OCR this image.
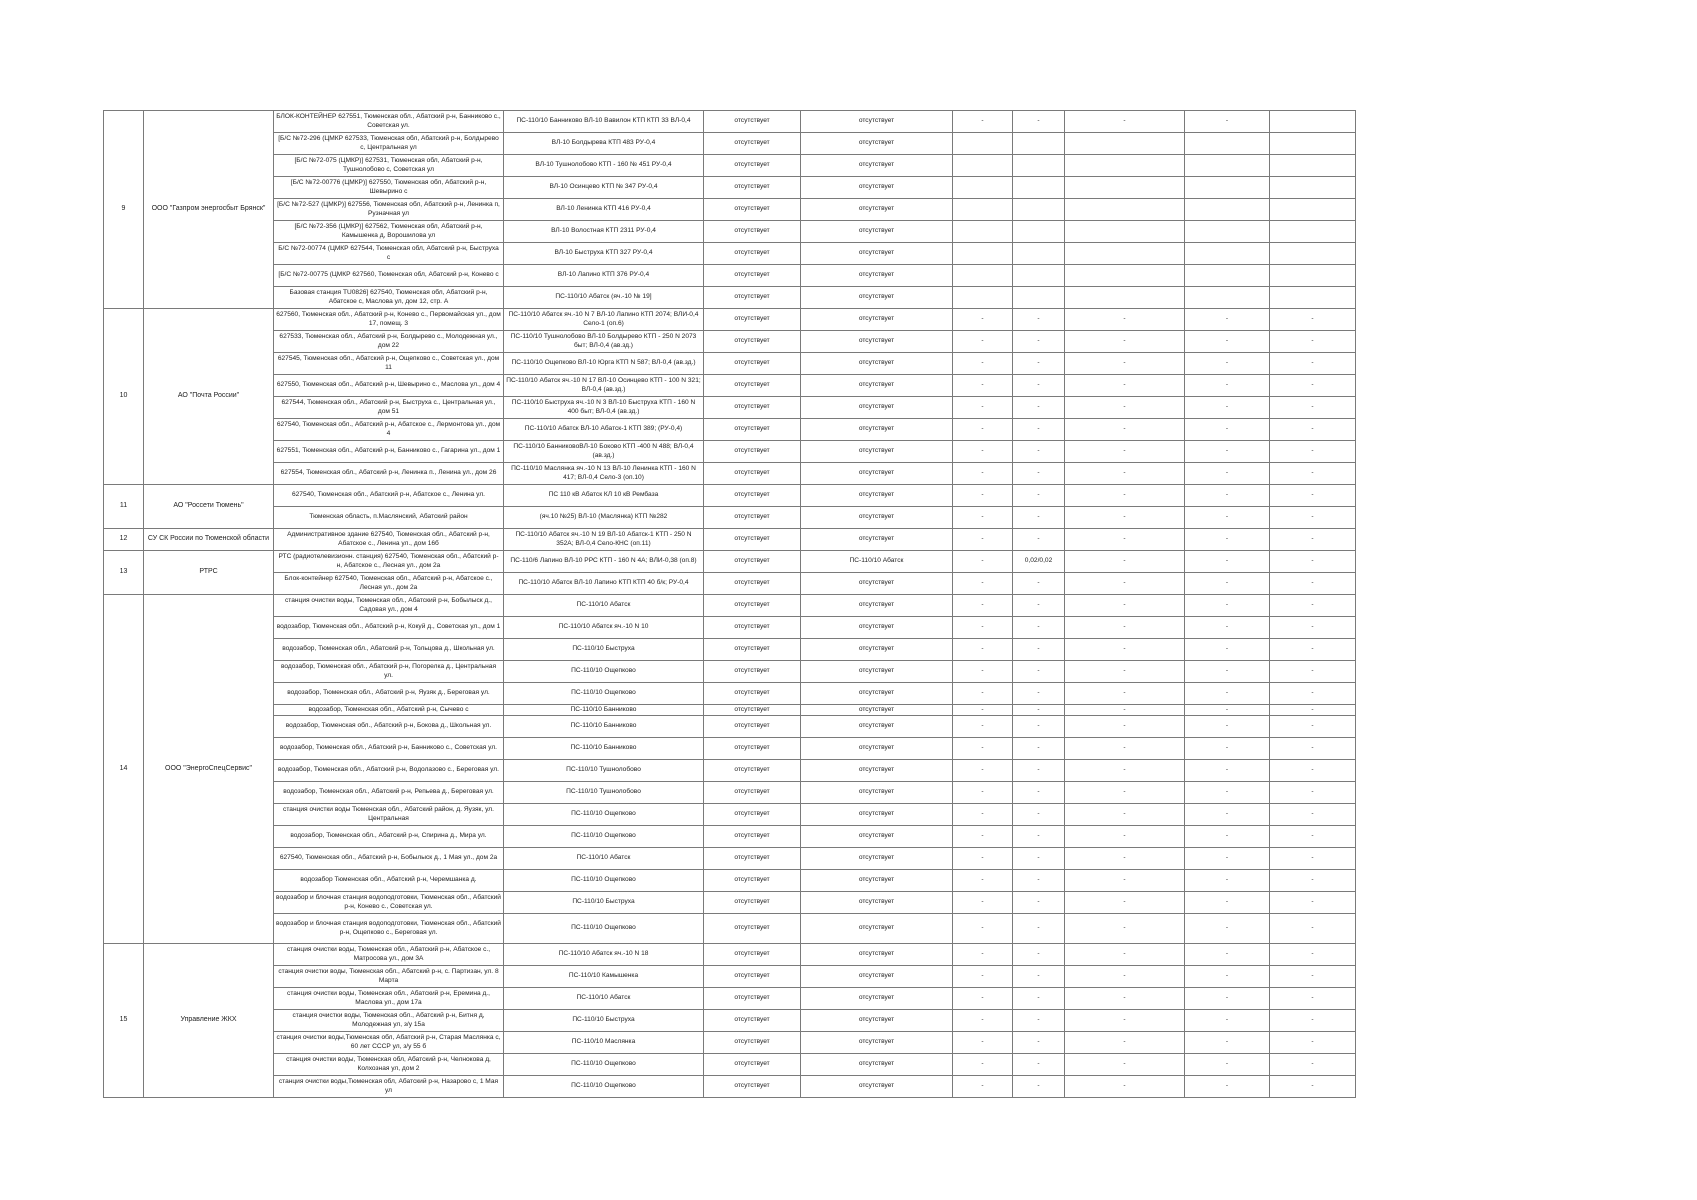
9	ООО "Газпром энергосбыт Брянск"	БЛОК-КОНТЕЙНЕР 627551, Тюменская обл., Абатский р-н, Банниково с., Советская ул.	ПС-110/10 Банниково ВЛ-10 Вавилон КТП КТП 33 ВЛ-0,4	отсутствует	отсутствует	-	-	-	-	
		[Б/С №72-296 (ЦМКР 627533, Тюменская обл, Абатский р-н, Болдырево с, Центральная ул	ВЛ-10 Болдырева КТП 483 РУ-0,4	отсутствует	отсутствует					
		[Б/С №72-075 (ЦМКР)] 627531, Тюменская обл, Абатский р-н, Тушнолобово с, Советская ул	ВЛ-10 Тушнолобово КТП - 160 № 451 РУ-0,4	отсутствует	отсутствует					
		[Б/С №72-00776 (ЦМКР)] 627550, Тюменская обл, Абатский р-н, Шевырино с	ВЛ-10 Осинцево КТП № 347 РУ-0,4	отсутствует	отсутствует					
		[Б/С №72-527 (ЦМКР)] 627556, Тюменская обл, Абатский р-н, Ленинка п, Рузначная ул	ВЛ-10 Ленинка КТП 416 РУ-0,4	отсутствует	отсутствует					
		[Б/С №72-356 (ЦМКР)] 627562, Тюменская обл, Абатский р-н, Камышенка д, Ворошилова ул	ВЛ-10 Волостная КТП 2311 РУ-0,4	отсутствует	отсутствует					
		Б/С №72-00774 (ЦМКР 627544, Тюменская обл, Абатский р-н, Быструха с	ВЛ-10 Быструха КТП 327 РУ-0,4	отсутствует	отсутствует					
		[Б/С №72-00775 (ЦМКР 627560, Тюменская обл, Абатский р-н, Конево с	ВЛ-10 Лапино КТП 376 РУ-0,4	отсутствует	отсутствует					
		Базовая станция TU0826] 627540, Тюменская обл, Абатский р-н, Абатское с, Маслова ул, дом 12, стр. А	ПС-110/10 Абатск (яч.-10 № 19]	отсутствует	отсутствует					
10	АО "Почта России"	627560, Тюменская обл., Абатский р-н, Конево с., Первомайская ул., дом 17, помещ. 3	ПС-110/10 Абатск яч.-10 N 7 ВЛ-10 Лапино КТП 2074; ВЛИ-0,4 Село-1 (оп.6)	отсутствует	отсутствует	-	-	-	-	-
		627533, Тюменская обл., Абатский р-н, Болдырево с., Молодежная ул., дом 22	ПС-110/10 Тушнолобово ВЛ-10 Болдырево КТП - 250 N 2073 быт; ВЛ-0,4 (ав.зд.)	отсутствует	отсутствует	-	-	-	-	-
		627545, Тюменская обл., Абатский р-н, Ощепково с., Советская ул., дом 11	ПС-110/10 Ощепково ВЛ-10 Юрга КТП N 587; ВЛ-0,4 (ав.зд.)	отсутствует	отсутствует	-	-	-	-	-
		627550, Тюменская обл., Абатский р-н, Шевырино с., Маслова ул., дом 4	ПС-110/10 Абатск яч.-10 N 17 ВЛ-10 Осинцево КТП - 100 N 321; ВЛ-0,4 (ав.зд.)	отсутствует	отсутствует	-	-	-	-	-
		627544, Тюменская обл., Абатский р-н, Быструха с., Центральная ул., дом 51	ПС-110/10 Быструха яч.-10 N 3 ВЛ-10 Быструха КТП - 160 N 400 быт; ВЛ-0,4 (ав.зд.)	отсутствует	отсутствует	-	-	-	-	-
		627540, Тюменская обл., Абатский р-н, Абатское с., Лермонтова ул., дом 4	ПС-110/10 Абатск ВЛ-10 Абатск-1 КТП 389; (РУ-0,4)	отсутствует	отсутствует	-	-	-	-	-
		627551, Тюменская обл., Абатский р-н, Банниково с., Гагарина ул., дом 1	ПС-110/10 БанниковоВЛ-10 Боково КТП -400 N 488; ВЛ-0,4 (ав.зд.)	отсутствует	отсутствует	-	-	-	-	-
		627554, Тюменская обл., Абатский р-н, Ленинка п., Ленина ул., дом 26	ПС-110/10 Маслянка яч.-10 N 13 ВЛ-10 Ленинка КТП - 160 N 417; ВЛ-0,4 Село-3 (оп.10)	отсутствует	отсутствует	-	-	-	-	-
11	АО "Россети Тюмень"	627540, Тюменская обл., Абатский р-н, Абатское с., Ленина ул.	ПС 110 кВ Абатск КЛ 10 кВ Рембаза	отсутствует	отсутствует	-	-	-	-	-
		Тюменская область, п.Маслянский, Абатский район	(яч.10 №25) ВЛ-10 (Маслянка) КТП №282	отсутствует	отсутствует	-	-	-	-	-
12	СУ СК России по Тюменской области	Административное здание 627540, Тюменская обл., Абатский р-н, Абатское с., Ленина ул., дом 16б	ПС-110/10 Абатск яч.-10 N 19 ВЛ-10 Абатск-1 КТП - 250 N 352А; ВЛ-0,4 Село-КНС (оп.11)	отсутствует	отсутствует	-	-	-	-	-
13	РТРС	РТС (радиотелевизионн. станция) 627540, Тюменская обл., Абатский р-н, Абатское с., Лесная ул., дом 2а	ПС-110/6 Лапино ВЛ-10 РРС КТП - 160 N 4А; ВЛИ-0,38 (оп.8)	отсутствует	ПС-110/10 Абатск	-	0,02/0,02	-	-	-
		Блок-контейнер 627540, Тюменская обл., Абатский р-н, Абатское с., Лесная ул., дом 2а	ПС-110/10 Абатск ВЛ-10 Лапино КТП КТП 40 б/к; РУ-0,4	отсутствует	отсутствует	-	-	-	-	-
14	ООО "ЭнергоСпецСервис"	станция очистки воды, Тюменская обл., Абатский р-н, Бобылыск д., Садовая ул., дом 4	ПС-110/10 Абатск	отсутствует	отсутствует	-	-	-	-	-
		водозабор, Тюменская обл., Абатский р-н, Кокуй д., Советская ул., дом 1	ПС-110/10 Абатск яч.-10 N 10	отсутствует	отсутствует	-	-	-	-	-
		водозабор, Тюменская обл., Абатский р-н, Тольцова д., Школьная ул.	ПС-110/10 Быструха	отсутствует	отсутствует	-	-	-	-	-
		водозабор, Тюменская обл., Абатский р-н, Погорелка д., Центральная ул.	ПС-110/10 Ощепково	отсутствует	отсутствует	-	-	-	-	-
		водозабор, Тюменская обл., Абатский р-н, Яузяк д., Береговая ул.	ПС-110/10 Ощепково	отсутствует	отсутствует	-	-	-	-	-
		водозабор, Тюменская обл., Абатский р-н, Сычево с	ПС-110/10 Банниково	отсутствует	отсутствует	-	-	-	-	-
		водозабор, Тюменская обл., Абатский р-н, Бокова д., Школьная ул.	ПС-110/10 Банниково	отсутствует	отсутствует	-	-	-	-	-
		водозабор, Тюменская обл., Абатский р-н, Банниково с., Советская ул.	ПС-110/10 Банниково	отсутствует	отсутствует	-	-	-	-	-
		водозабор, Тюменская обл., Абатский р-н, Водолазово с., Береговая ул.	ПС-110/10 Тушнолобово	отсутствует	отсутствует	-	-	-	-	-
		водозабор, Тюменская обл., Абатский р-н, Репьева д., Береговая ул.	ПС-110/10 Тушнолобово	отсутствует	отсутствует	-	-	-	-	-
		станция очистки воды Тюменская обл., Абатский район, д. Яузяк, ул. Центральная	ПС-110/10 Ощепково	отсутствует	отсутствует	-	-	-	-	-
		водозабор, Тюменская обл., Абатский р-н, Спирина д., Мира ул.	ПС-110/10 Ощепково	отсутствует	отсутствует	-	-	-	-	-
		627540, Тюменская обл., Абатский р-н, Бобылыск д., 1 Мая ул., дом 2а	ПС-110/10 Абатск	отсутствует	отсутствует	-	-	-	-	-
		водозабор Тюменская обл., Абатский р-н, Черемшанка д.	ПС-110/10 Ощепково	отсутствует	отсутствует	-	-	-	-	-
		водозабор и блочная станция водоподготовки, Тюменская обл., Абатский р-н, Конево с., Советская ул.	ПС-110/10 Быструха	отсутствует	отсутствует	-	-	-	-	-
		водозабор и блочная станция водоподготовки, Тюменская обл., Абатский р-н, Ощепково с., Береговая ул.	ПС-110/10 Ощепково	отсутствует	отсутствует	-	-	-	-	-
15	Управление ЖКХ	станция очистки воды, Тюменская обл., Абатский р-н, Абатское с., Матросова ул., дом 3А	ПС-110/10 Абатск яч.-10 N 18	отсутствует	отсутствует	-	-	-	-	-
		станция очистки воды, Тюменская обл., Абатский р-н, с. Партизан, ул. 8 Марта	ПС-110/10 Камышенка	отсутствует	отсутствует	-	-	-	-	-
		станция очистки воды, Тюменская обл., Абатский р-н, Еремина д., Маслова ул., дом 17а	ПС-110/10 Абатск	отсутствует	отсутствует	-	-	-	-	-
		станция очистки воды, Тюменская обл., Абатский р-н, Битня д, Молодежная ул, з/у 15а	ПС-110/10 Быструха	отсутствует	отсутствует	-	-	-	-	-
		станция очистки воды,Тюменская обл, Абатский р-н, Старая Маслянка с, 60 лет СССР ул, з/у 55 б	ПС-110/10 Маслянка	отсутствует	отсутствует	-	-	-	-	-
		станция очистки воды, Тюменская обл, Абатский р-н, Челнокова д, Колхозная ул, дом 2	ПС-110/10 Ощепково	отсутствует	отсутствует	-	-	-	-	-
		станция очистки воды,Тюменская обл, Абатский р-н, Назарово с, 1 Мая ул	ПС-110/10 Ощепково	отсутствует	отсутствует	-	-	-	-	-
